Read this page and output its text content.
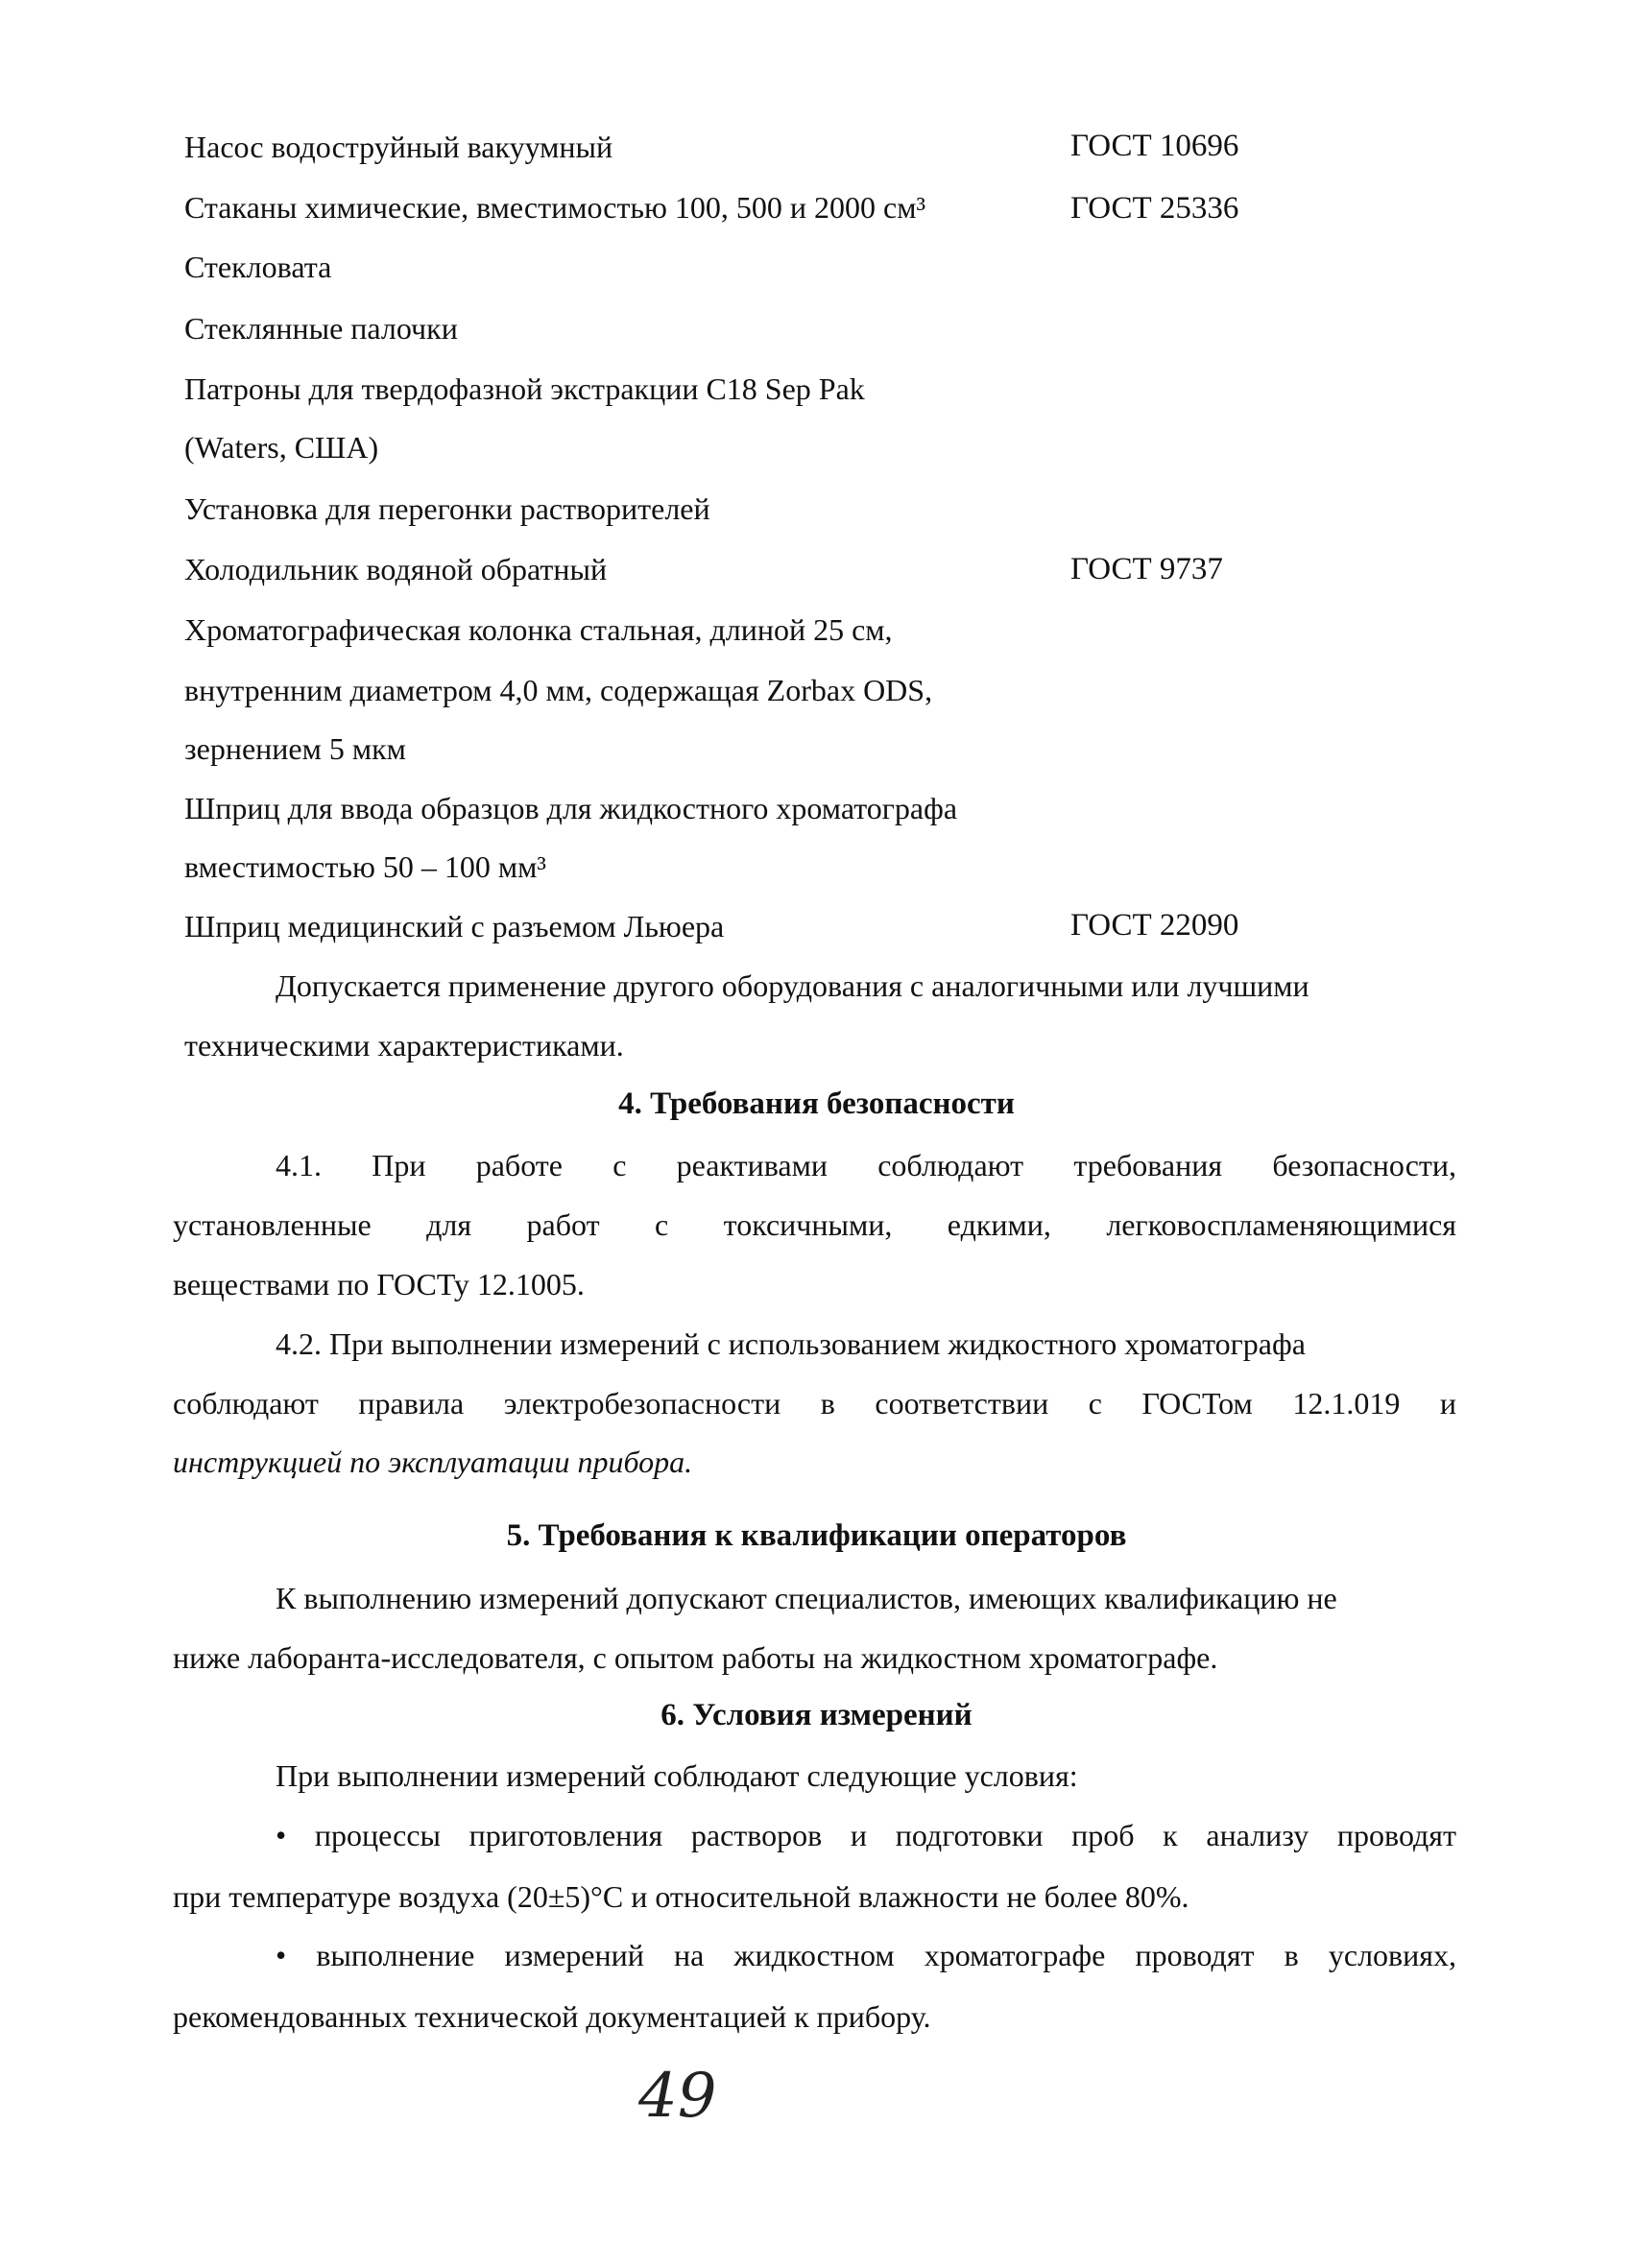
Насос водоструйный вакуумный	ГОСТ 10696
Стаканы химические, вместимостью 100, 500 и 2000 см³	ГОСТ 25336
Стекловата
Стеклянные палочки
Патроны для твердофазной экстракции С18 Sep Pak
(Waters, США)
Установка для перегонки растворителей
Холодильник водяной обратный	ГОСТ 9737
Хроматографическая колонка стальная, длиной 25 см,
внутренним диаметром 4,0 мм, содержащая Zorbax ODS,
зернением 5 мкм
Шприц для ввода образцов для жидкостного хроматографа
вместимостью 50 – 100 мм³
Шприц медицинский с разъемом Льюера	ГОСТ 22090
Допускается применение другого оборудования с аналогичными или лучшими
техническими характеристиками.
4. Требования безопасности
4.1. При работе с реактивами соблюдают требования безопасности,
установленные для работ с токсичными, едкими, легковоспламеняющимися
веществами по ГОСТу 12.1005.
4.2. При выполнении измерений с использованием жидкостного хроматографа
соблюдают правила электробезопасности в соответствии с ГОСТом 12.1.019 и
инструкцией по эксплуатации прибора.
5. Требования к квалификации операторов
К выполнению измерений допускают специалистов, имеющих квалификацию не
ниже лаборанта-исследователя, с опытом работы на жидкостном хроматографе.
6. Условия измерений
При выполнении измерений соблюдают следующие условия:
• процессы приготовления растворов и подготовки проб к анализу проводят
при температуре воздуха (20±5)°С и относительной влажности не более 80%.
• выполнение измерений на жидкостном хроматографе проводят в условиях,
рекомендованных технической документацией к прибору.
49
